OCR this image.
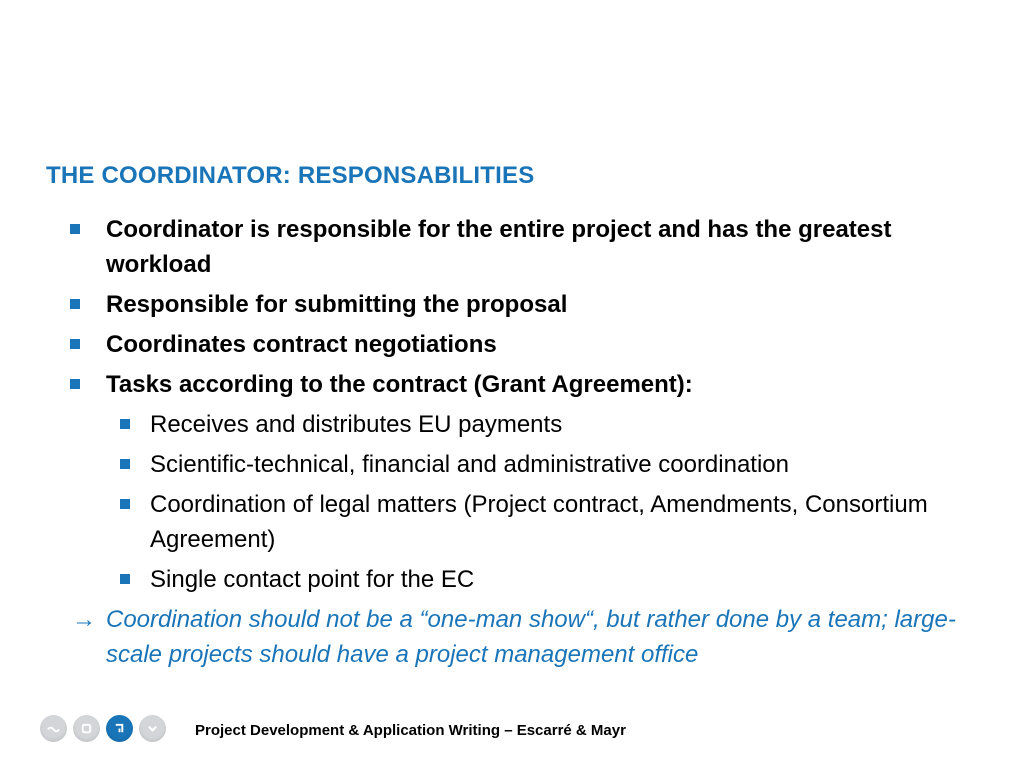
THE COORDINATOR: RESPONSABILITIES
Coordinator is responsible for the entire project and has the greatest workload
Responsible for submitting the proposal
Coordinates contract negotiations
Tasks according to the contract (Grant Agreement):
Receives and distributes EU payments
Scientific-technical, financial and administrative coordination
Coordination of legal matters (Project contract, Amendments, Consortium Agreement)
Single contact point for the EC
→ Coordination should not be a “one-man show“, but rather done by a team; large-scale projects should have a project management office
Project Development & Application Writing – Escarré & Mayr
